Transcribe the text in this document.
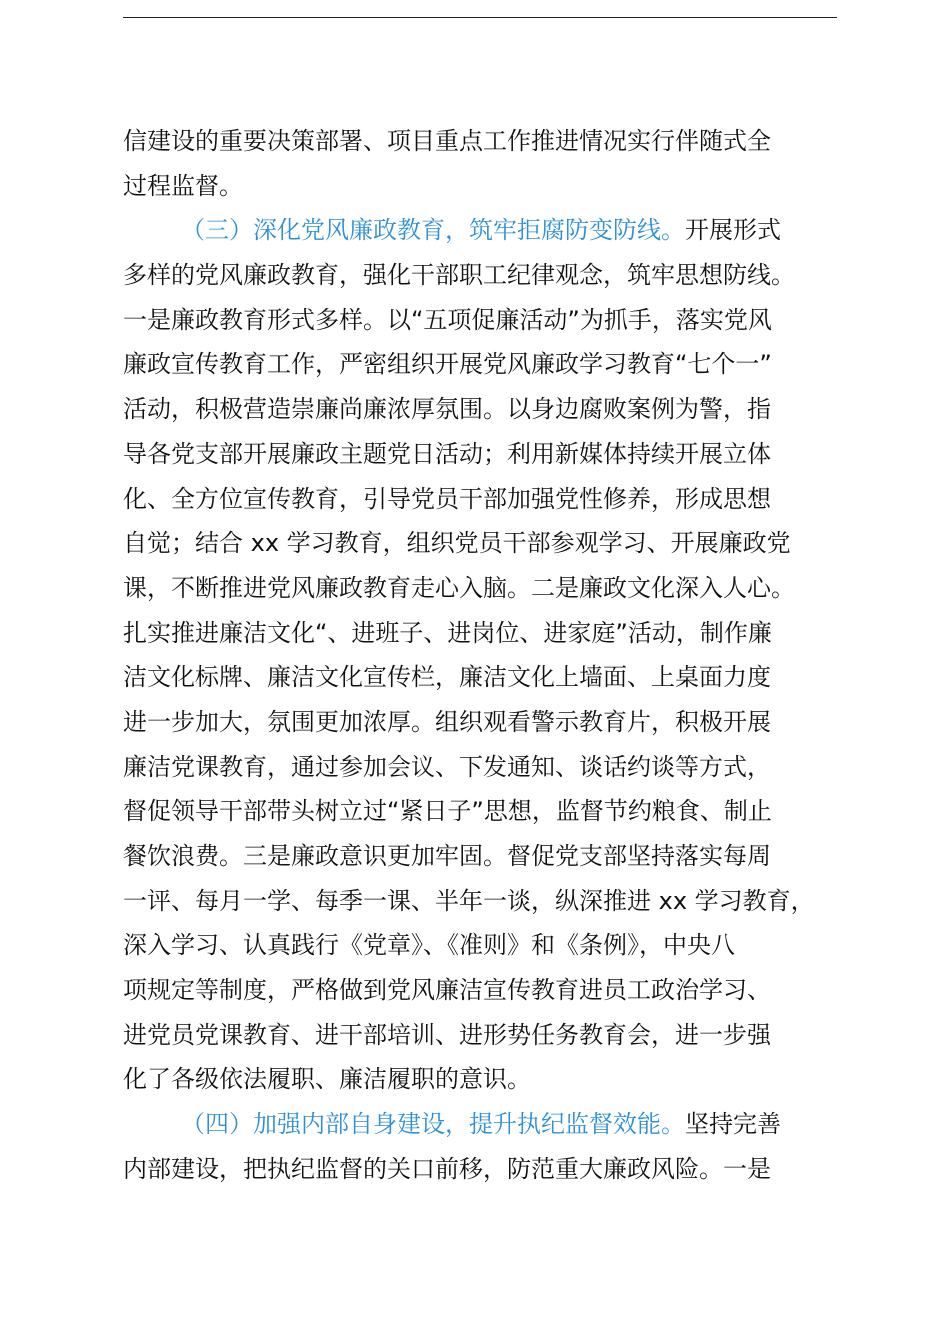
信建设的重要决策部署、项目重点工作推进情况实行伴随式全
过程监督。
（三）深化党风廉政教育，筑牢拒腐防变防线。开展形式
多样的党风廉政教育，强化干部职工纪律观念，筑牢思想防线。
一是廉政教育形式多样。以“五项促廉活动”为抓手，落实党风
廉政宣传教育工作，严密组织开展党风廉政学习教育“七个一”
活动，积极营造崇廉尚廉浓厚氛围。以身边腐败案例为警，指
导各党支部开展廉政主题党日活动；利用新媒体持续开展立体
化、全方位宣传教育，引导党员干部加强党性修养，形成思想
自觉；结合 xx 学习教育，组织党员干部参观学习、开展廉政党
课，不断推进党风廉政教育走心入脑。二是廉政文化深入人心。
扎实推进廉洁文化“、进班子、进岗位、进家庭”活动，制作廉
洁文化标牌、廉洁文化宣传栏，廉洁文化上墙面、上桌面力度
进一步加大，氛围更加浓厚。组织观看警示教育片，积极开展
廉洁党课教育，通过参加会议、下发通知、谈话约谈等方式，
督促领导干部带头树立过“紧日子”思想，监督节约粮食、制止
餐饮浪费。三是廉政意识更加牢固。督促党支部坚持落实每周
一评、每月一学、每季一课、半年一谈，纵深推进 xx 学习教育，
深入学习、认真践行《党章》、《准则》和《条例》，中央八
项规定等制度，严格做到党风廉洁宣传教育进员工政治学习、
进党员党课教育、进干部培训、进形势任务教育会，进一步强
化了各级依法履职、廉洁履职的意识。
（四）加强内部自身建设，提升执纪监督效能。坚持完善
内部建设，把执纪监督的关口前移，防范重大廉政风险。一是
